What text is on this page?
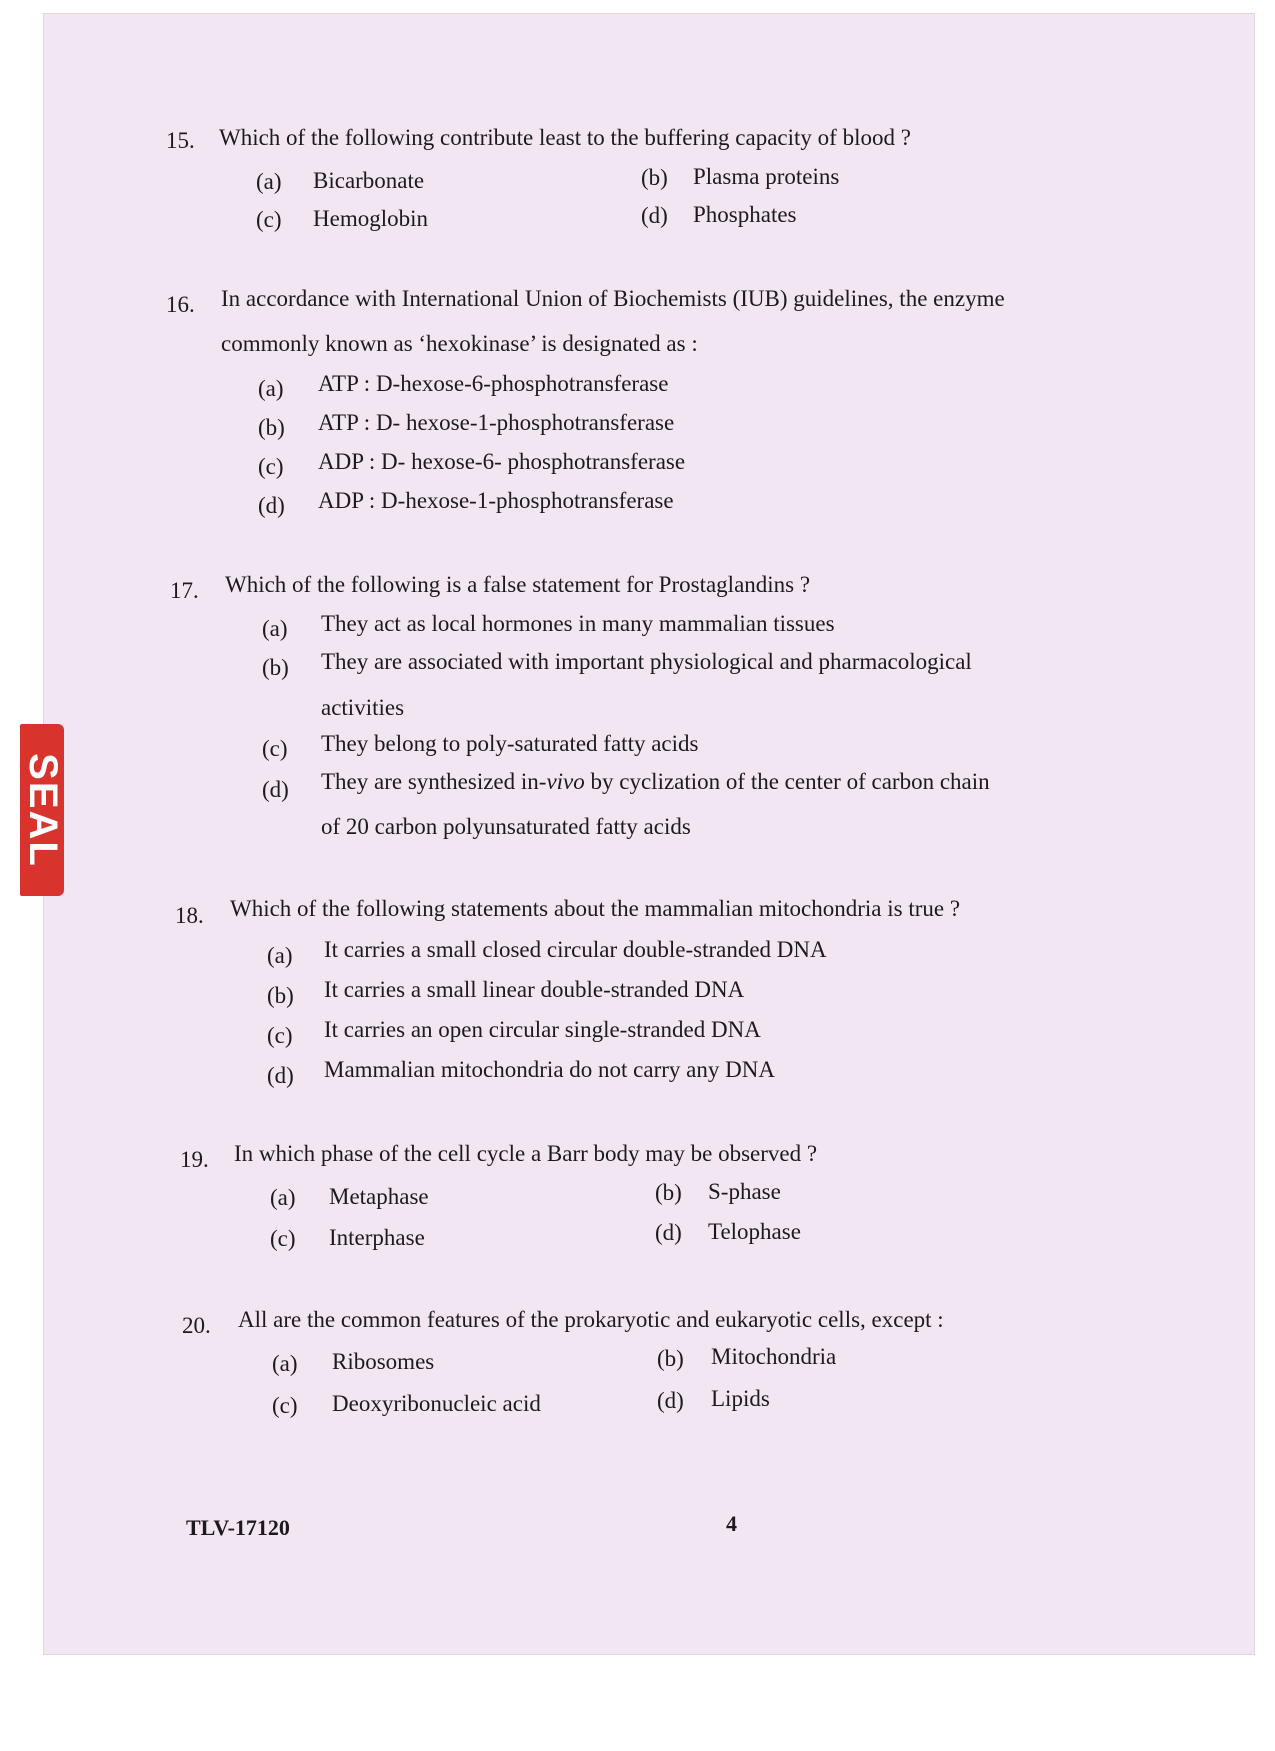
SEAL
15. Which of the following contribute least to the buffering capacity of blood ?
(a) Bicarbonate	(b) Plasma proteins
(c) Hemoglobin	(d) Phosphates
16. In accordance with International Union of Biochemists (IUB) guidelines, the enzyme
commonly known as ‘hexokinase’ is designated as :
(a) ATP : D-hexose-6-phosphotransferase
(b) ATP : D- hexose-1-phosphotransferase
(c) ADP : D- hexose-6- phosphotransferase
(d) ADP : D-hexose-1-phosphotransferase
17. Which of the following is a false statement for Prostaglandins ?
(a) They act as local hormones in many mammalian tissues
(b) They are associated with important physiological and pharmacological
activities
(c) They belong to poly-saturated fatty acids
(d) They are synthesized in-vivo by cyclization of the center of carbon chain
of 20 carbon polyunsaturated fatty acids
18. Which of the following statements about the mammalian mitochondria is true ?
(a) It carries a small closed circular double-stranded DNA
(b) It carries a small linear double-stranded DNA
(c) It carries an open circular single-stranded DNA
(d) Mammalian mitochondria do not carry any DNA
19. In which phase of the cell cycle a Barr body may be observed ?
(a) Metaphase	(b) S-phase
(c) Interphase	(d) Telophase
20. All are the common features of the prokaryotic and eukaryotic cells, except :
(a) Ribosomes	(b) Mitochondria
(c) Deoxyribonucleic acid	(d) Lipids
TLV-17120	4
